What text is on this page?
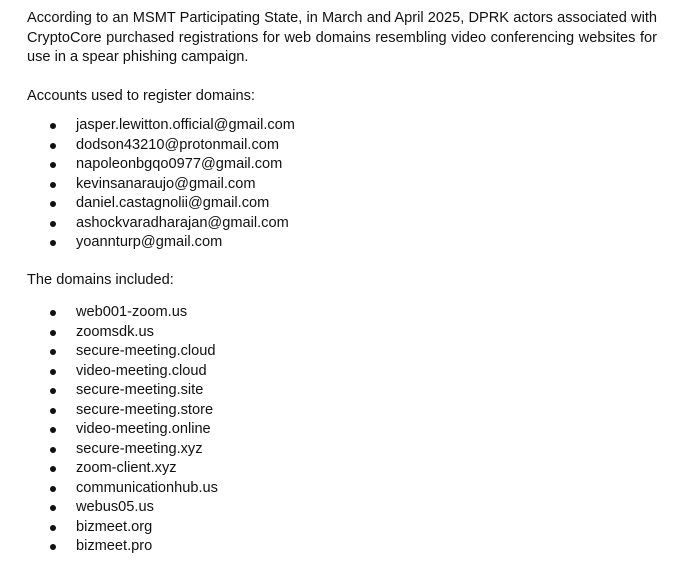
According to an MSMT Participating State, in March and April 2025, DPRK actors associated with CryptoCore purchased registrations for web domains resembling video conferencing websites for use in a spear phishing campaign.

Accounts used to register domains:

jasper.lewitton.official@gmail.com
dodson43210@protonmail.com
napoleonbgqo0977@gmail.com
kevinsanaraujo@gmail.com
daniel.castagnolii@gmail.com
ashockvaradharajan@gmail.com
yoannturp@gmail.com

The domains included:

web001-zoom.us
zoomsdk.us
secure-meeting.cloud
video-meeting.cloud
secure-meeting.site
secure-meeting.store
video-meeting.online
secure-meeting.xyz
zoom-client.xyz
communicationhub.us
webus05.us
bizmeet.org
bizmeet.pro
